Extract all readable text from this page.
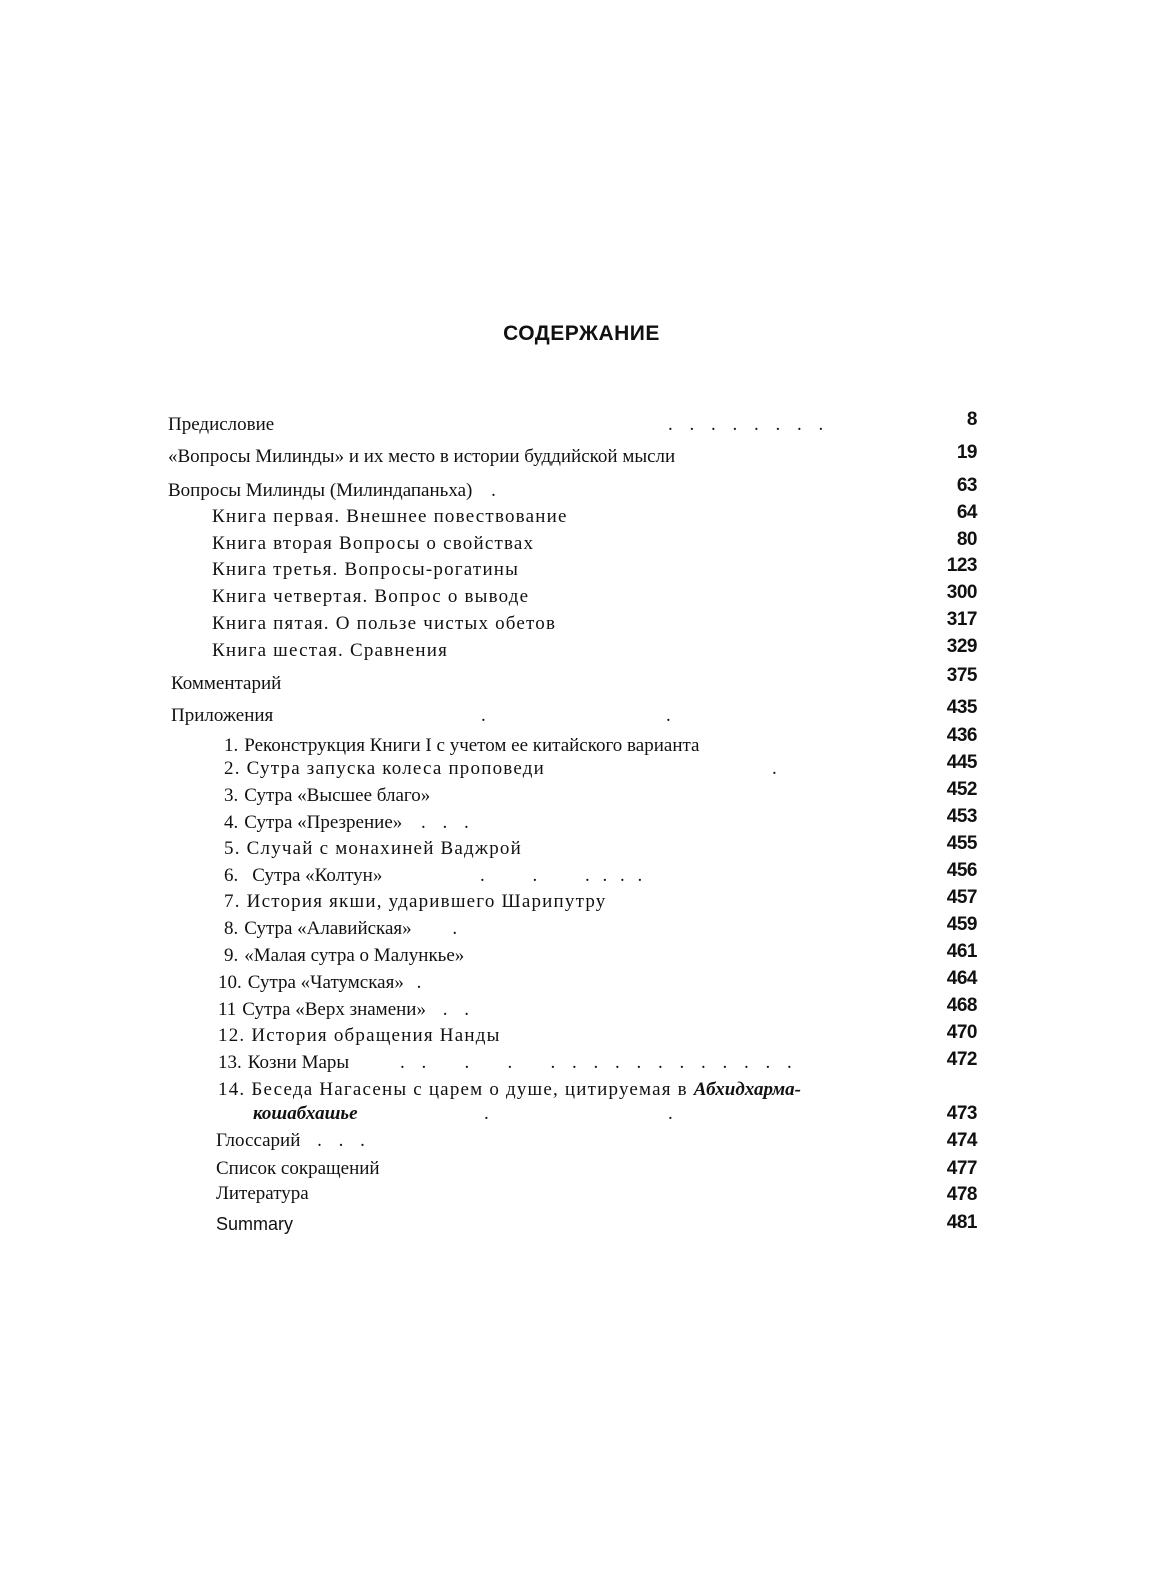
СОДЕРЖАНИЕ
Предисловие	. . . . . . . .	8
«Вопросы Милинды» и их место в истории буддийской мысли	19
Вопросы Милинды (Милиндапаньха) .	63
Книга первая. Внешнее повествование	64
Книга вторая Вопросы о свойствах	80
Книга третья. Вопросы-рогатины	123
Книга четвертая. Вопрос о выводе	300
Книга пятая. О пользе чистых обетов	317
Книга шестая. Сравнения	329
Комментарий	375
Приложения	.	.	435
1. Реконструкция Книги I с учетом ее китайского варианта	436
2. Сутра запуска колеса проповеди	.	445
3. Сутра «Высшее благо»	452
4. Сутра «Презрение» . . .	453
5. Случай с монахиней Ваджрой	455
6. Сутра «Колтун»	.     .     . . . .	456
7. История якши, ударившего Шарипутру	457
8. Сутра «Алавийская» .	459
9. «Малая сутра о Малункье»	461
10. Сутра «Чатумская» .	464
11 Сутра «Верх знамени» . .	468
12. История обращения Нанды	470
13. Козни Мары	. .   .   .   . . . . . . . . . . . .	472
14. Беседа Нагасены с царем о душе, цитируемая в Абхидхарма-
кошабхашье	.	.	473
Глоссарий . . .	474
Список сокращений	477
Литература	478
Summary	481
